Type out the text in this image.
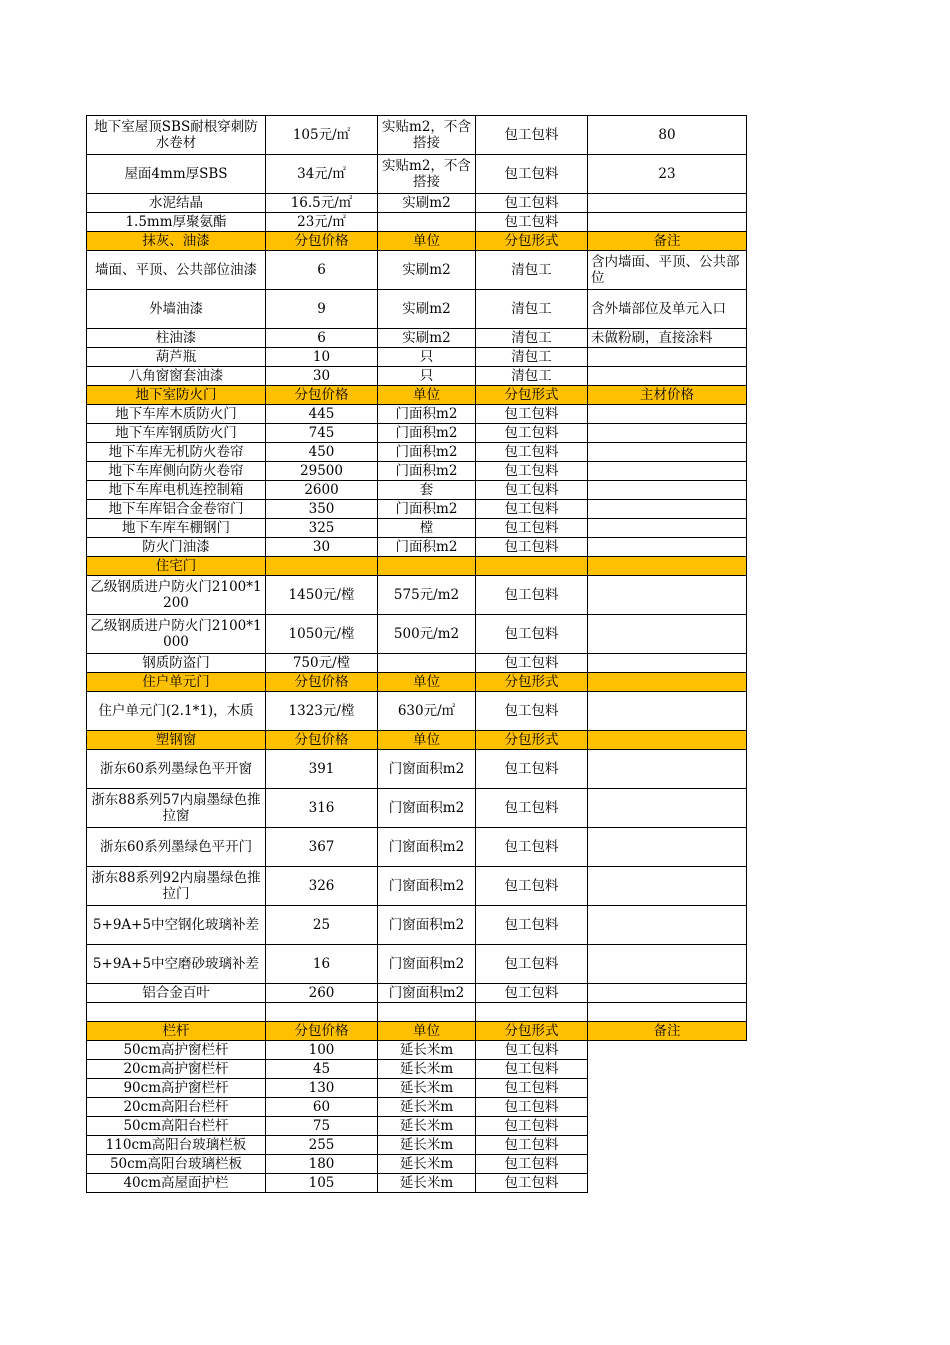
地下室屋顶SBS耐根穿刺防水卷材	105元/㎡	实贴m2，不含搭接	包工包料	80
屋面4mm厚SBS	34元/㎡	实贴m2，不含搭接	包工包料	23
水泥结晶	16.5元/㎡	实刷m2	包工包料	
1.5mm厚聚氨酯	23元/㎡		包工包料	
抹灰、油漆	分包价格	单位	分包形式	备注
墙面、平顶、公共部位油漆	6	实刷m2	清包工	含内墙面、平顶、公共部位
外墙油漆	9	实刷m2	清包工	含外墙部位及单元入口
柱油漆	6	实刷m2	清包工	未做粉刷，直接涂料
葫芦瓶	10	只	清包工	
八角窗窗套油漆	30	只	清包工	
地下室防火门	分包价格	单位	分包形式	主材价格
地下车库木质防火门	445	门面积m2	包工包料	
地下车库钢质防火门	745	门面积m2	包工包料	
地下车库无机防火卷帘	450	门面积m2	包工包料	
地下车库侧向防火卷帘	29500	门面积m2	包工包料	
地下车库电机连控制箱	2600	套	包工包料	
地下车库铝合金卷帘门	350	门面积m2	包工包料	
地下车库车棚钢门	325	樘	包工包料	
防火门油漆	30	门面积m2	包工包料	
住宅门				
乙级钢质进户防火门2100*1200	1450元/樘	575元/m2	包工包料	
乙级钢质进户防火门2100*1000	1050元/樘	500元/m2	包工包料	
钢质防盗门	750元/樘		包工包料	
住户单元门	分包价格	单位	分包形式	
住户单元门(2.1*1)，木质	1323元/樘	630元/㎡	包工包料	
塑钢窗	分包价格	单位	分包形式	
浙东60系列墨绿色平开窗	391	门窗面积m2	包工包料	
浙东88系列57内扇墨绿色推拉窗	316	门窗面积m2	包工包料	
浙东60系列墨绿色平开门	367	门窗面积m2	包工包料	
浙东88系列92内扇墨绿色推拉门	326	门窗面积m2	包工包料	
5+9A+5中空钢化玻璃补差	25	门窗面积m2	包工包料	
5+9A+5中空磨砂玻璃补差	16	门窗面积m2	包工包料	
铝合金百叶	260	门窗面积m2	包工包料	

栏杆	分包价格	单位	分包形式	备注
50cm高护窗栏杆	100	延长米m	包工包料	
20cm高护窗栏杆	45	延长米m	包工包料	
90cm高护窗栏杆	130	延长米m	包工包料	
20cm高阳台栏杆	60	延长米m	包工包料	
50cm高阳台栏杆	75	延长米m	包工包料	
110cm高阳台玻璃栏板	255	延长米m	包工包料	
50cm高阳台玻璃栏板	180	延长米m	包工包料	
40cm高屋面护栏	105	延长米m	包工包料	
